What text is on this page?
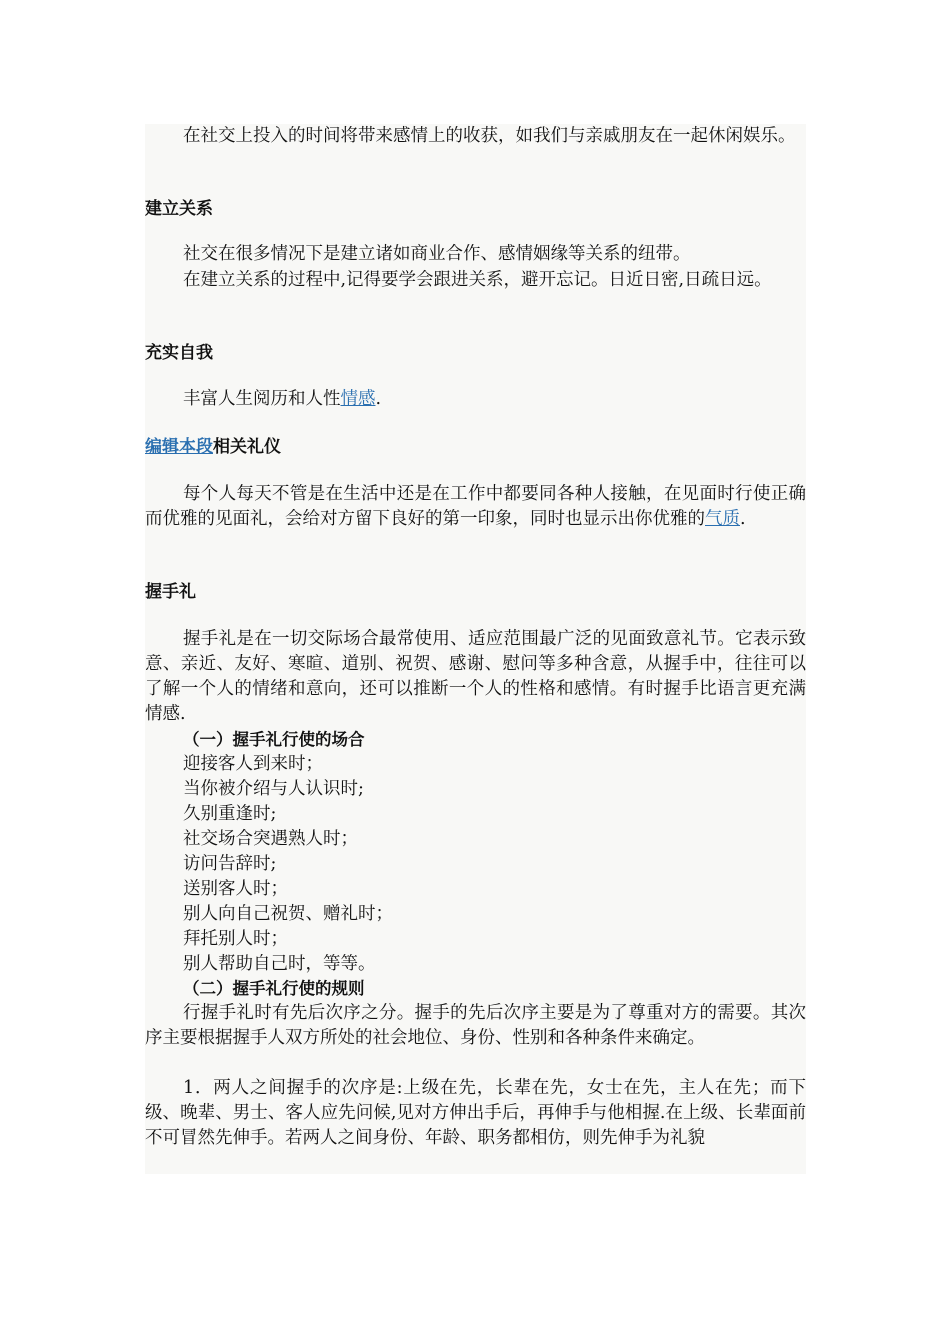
在社交上投入的时间将带来感情上的收获，如我们与亲戚朋友在一起休闲娱乐。

建立关系

社交在很多情况下是建立诸如商业合作、感情姻缘等关系的纽带。

在建立关系的过程中,记得要学会跟进关系，避开忘记。日近日密,日疏日远。

充实自我

丰富人生阅历和人性情感.

编辑本段相关礼仪

每个人每天不管是在生活中还是在工作中都要同各种人接触，在见面时行使正确而优雅的见面礼，会给对方留下良好的第一印象，同时也显示出你优雅的气质.

握手礼

握手礼是在一切交际场合最常使用、适应范围最广泛的见面致意礼节。它表示致意、亲近、友好、寒暄、道别、祝贺、感谢、慰问等多种含意，从握手中，往往可以了解一个人的情绪和意向，还可以推断一个人的性格和感情。有时握手比语言更充满情感.

（一）握手礼行使的场合

迎接客人到来时；

当你被介绍与人认识时;

久别重逢时;

社交场合突遇熟人时；

访问告辞时;

送别客人时；

别人向自己祝贺、赠礼时；

拜托别人时；

别人帮助自己时，等等。

（二）握手礼行使的规则

行握手礼时有先后次序之分。握手的先后次序主要是为了尊重对方的需要。其次序主要根据握手人双方所处的社会地位、身份、性别和各种条件来确定。

1．两人之间握手的次序是:上级在先，长辈在先，女士在先，主人在先；而下级、晚辈、男士、客人应先问候,见对方伸出手后，再伸手与他相握.在上级、长辈面前不可冒然先伸手。若两人之间身份、年龄、职务都相仿，则先伸手为礼貌
